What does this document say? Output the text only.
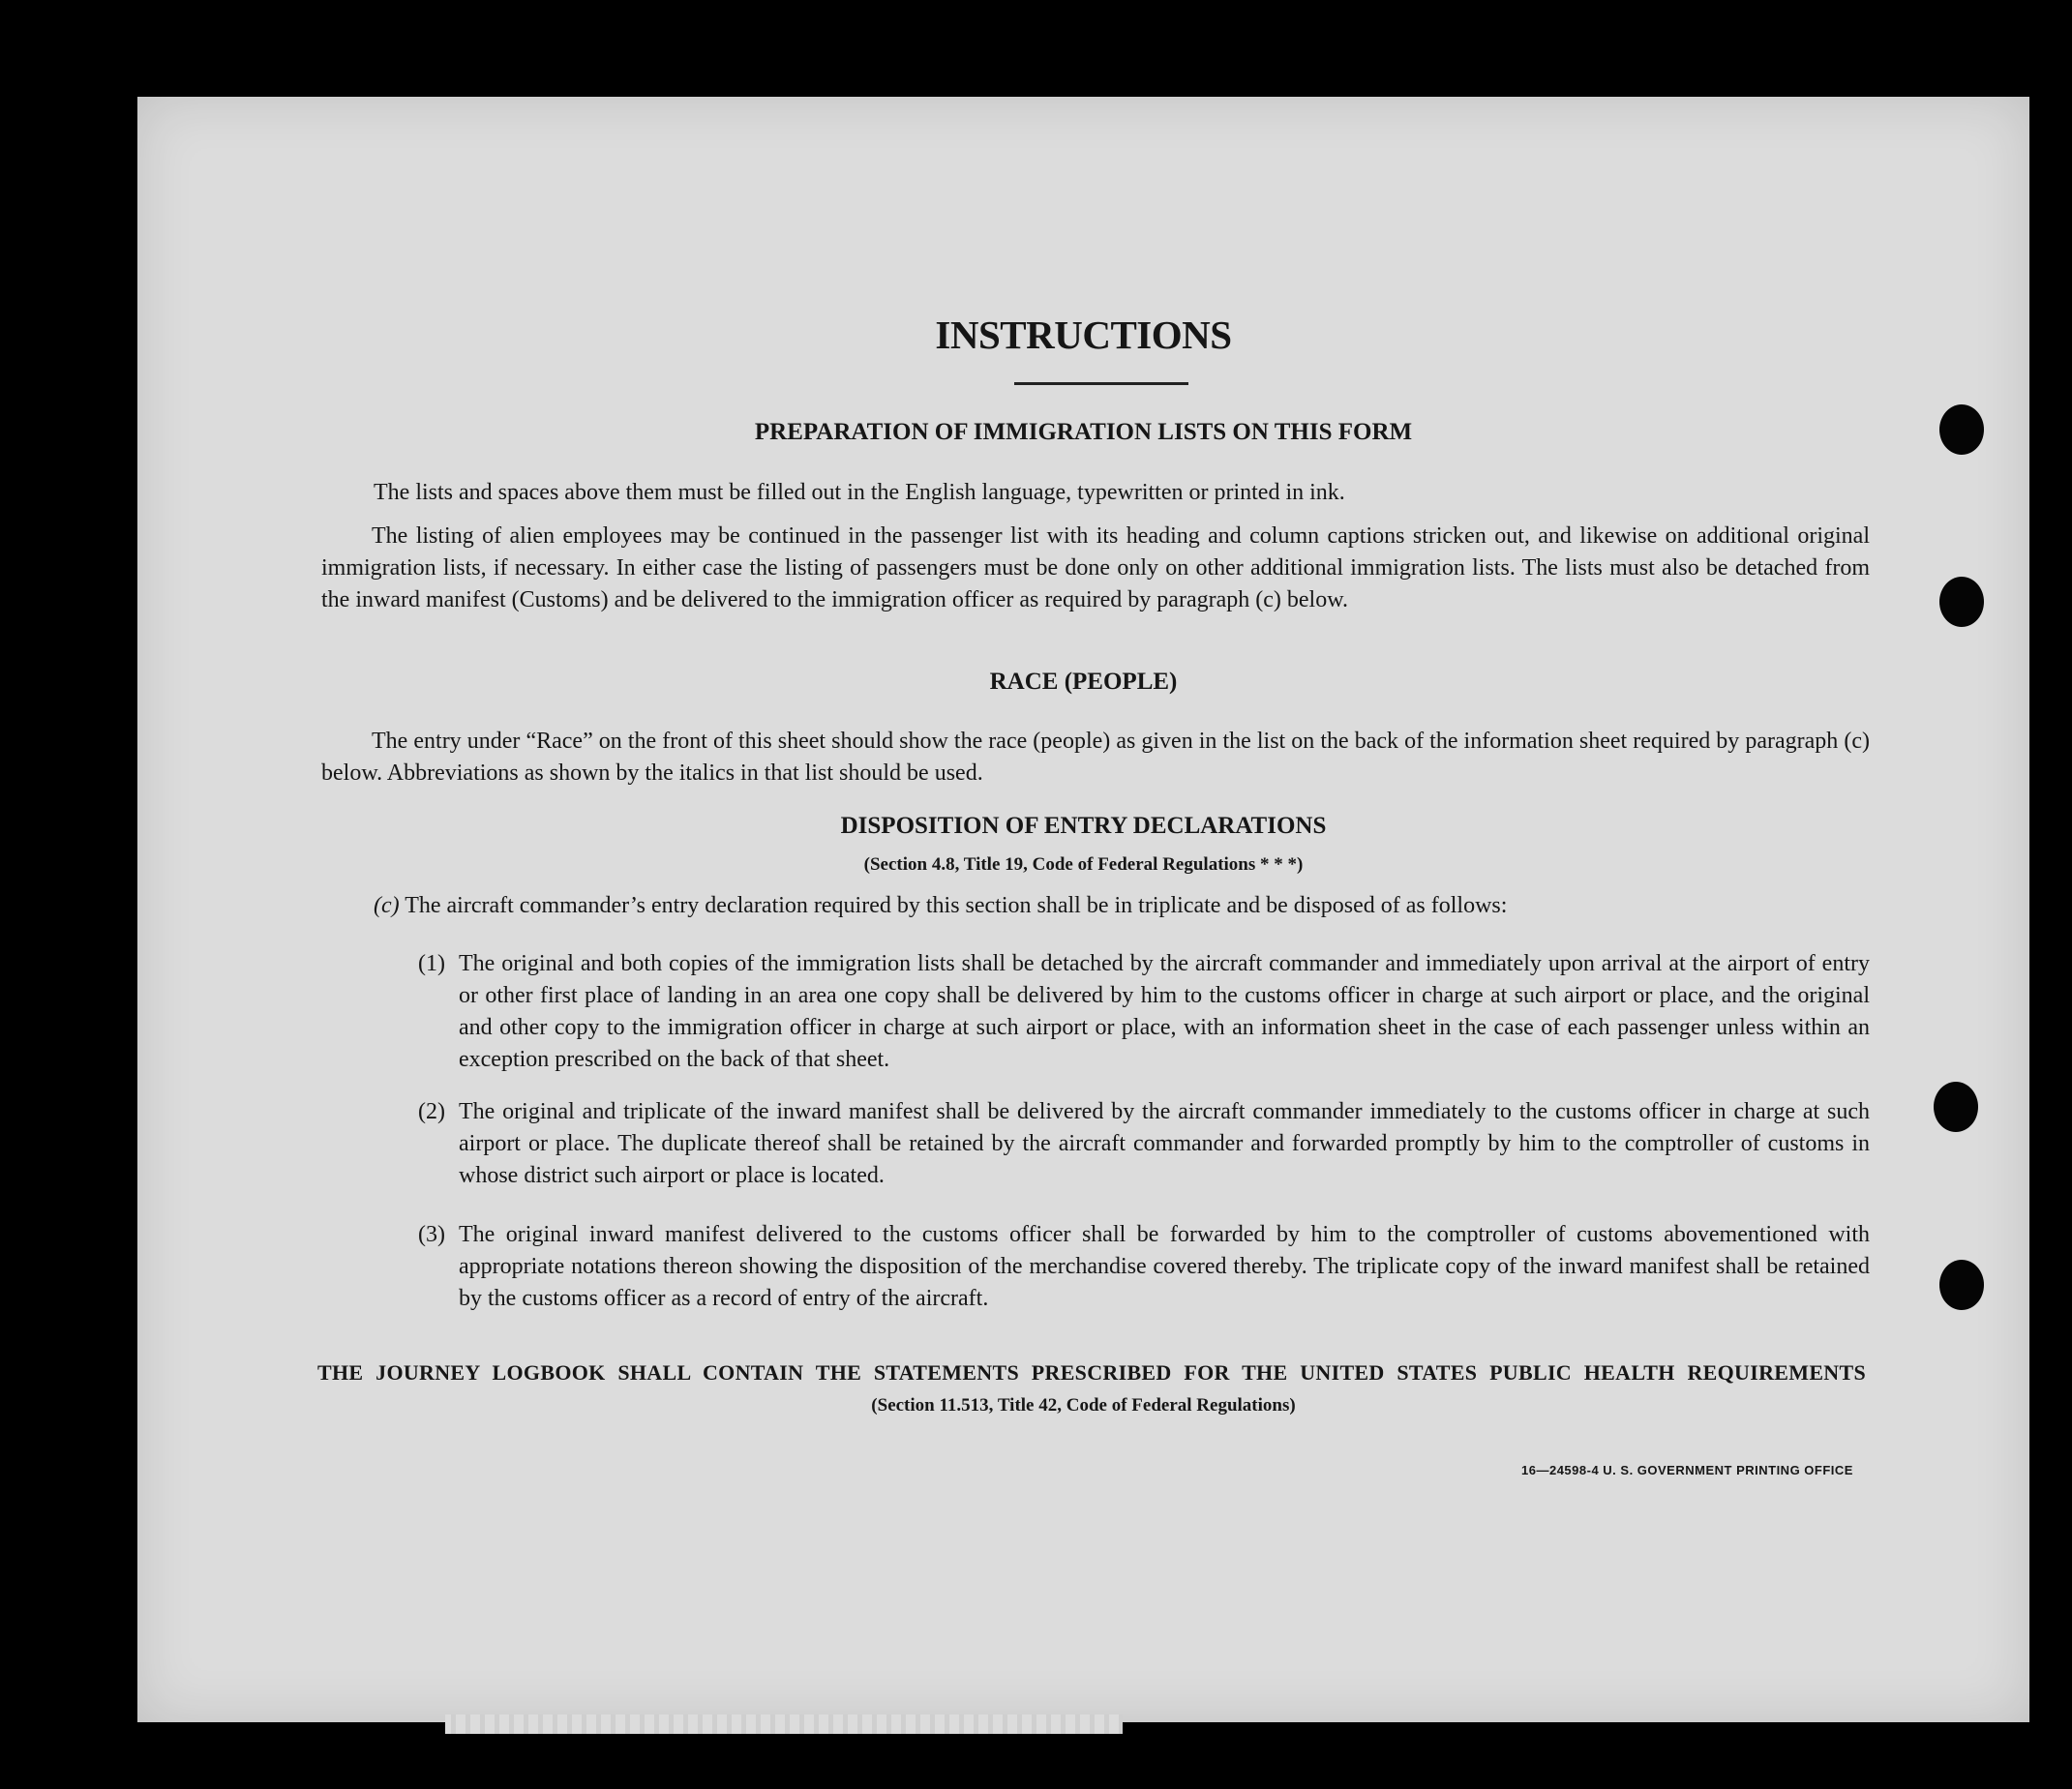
INSTRUCTIONS
PREPARATION OF IMMIGRATION LISTS ON THIS FORM

The lists and spaces above them must be filled out in the English language, typewritten or printed in ink.

The listing of alien employees may be continued in the passenger list with its heading and column captions stricken out, and likewise on additional original immigration lists, if necessary. In either case the listing of passengers must be done only on other additional immigration lists. The lists must also be detached from the inward manifest (Customs) and be delivered to the immigration officer as required by paragraph (c) below.

RACE (PEOPLE)

The entry under “Race” on the front of this sheet should show the race (people) as given in the list on the back of the information sheet required by paragraph (c) below. Abbreviations as shown by the italics in that list should be used.

DISPOSITION OF ENTRY DECLARATIONS
(Section 4.8, Title 19, Code of Federal Regulations * * *)

(c) The aircraft commander’s entry declaration required by this section shall be in triplicate and be disposed of as follows:

(1) The original and both copies of the immigration lists shall be detached by the aircraft commander and immediately upon arrival at the airport of entry or other first place of landing in an area one copy shall be delivered by him to the customs officer in charge at such airport or place, and the original and other copy to the immigration officer in charge at such airport or place, with an information sheet in the case of each passenger unless within an exception prescribed on the back of that sheet.
(2) The original and triplicate of the inward manifest shall be delivered by the aircraft commander immediately to the customs officer in charge at such airport or place. The duplicate thereof shall be retained by the aircraft commander and forwarded promptly by him to the comptroller of customs in whose district such airport or place is located.
(3) The original inward manifest delivered to the customs officer shall be forwarded by him to the comptroller of customs abovementioned with appropriate notations thereon showing the disposition of the merchandise covered thereby. The triplicate copy of the inward manifest shall be retained by the customs officer as a record of entry of the aircraft.
THE JOURNEY LOGBOOK SHALL CONTAIN THE STATEMENTS PRESCRIBED FOR THE UNITED STATES PUBLIC HEALTH REQUIREMENTS
(Section 11.513, Title 42, Code of Federal Regulations)
16—24598-4 U. S. GOVERNMENT PRINTING OFFICE
